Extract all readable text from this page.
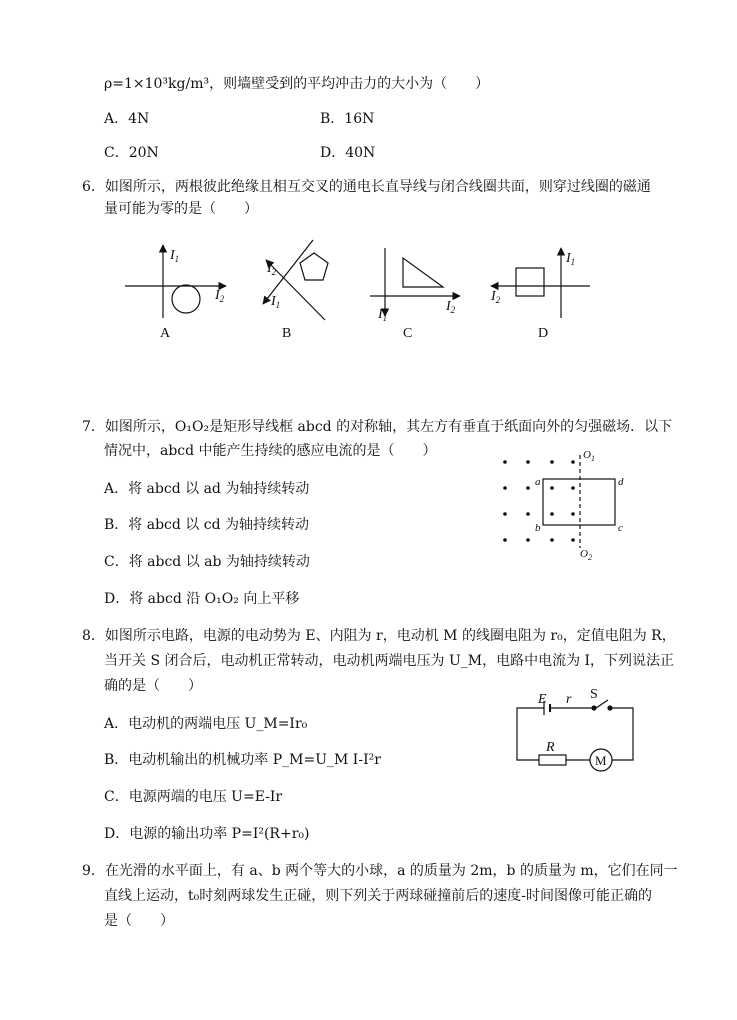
ρ=1×10³kg/m³，则墙壁受到的平均冲击力的大小为（　　）
A．4N	B．16N
C．20N	D．40N
6．如图所示，两根彼此绝缘且相互交叉的通电长直导线与闭合线圈共面，则穿过线圈的磁通
量可能为零的是（　　）
7．如图所示，O₁O₂是矩形导线框 abcd 的对称轴，其左方有垂直于纸面向外的匀强磁场．以下
情况中，abcd 中能产生持续的感应电流的是（　　）
A．将 abcd 以 ad 为轴持续转动
B．将 abcd 以 cd 为轴持续转动
C．将 abcd 以 ab 为轴持续转动
D．将 abcd 沿 O₁O₂ 向上平移
8．如图所示电路，电源的电动势为 E、内阻为 r，电动机 M 的线圈电阻为 r₀，定值电阻为 R，
当开关 S 闭合后，电动机正常转动，电动机两端电压为 U_M，电路中电流为 I，下列说法正
确的是（　　）
A．电动机的两端电压 U_M=Ir₀
B．电动机输出的机械功率 P_M=U_M I-I²r
C．电源两端的电压 U=E-Ir
D．电源的输出功率 P=I²(R+r₀)
9．在光滑的水平面上，有 a、b 两个等大的小球，a 的质量为 2m，b 的质量为 m，它们在同一
直线上运动，t₀时刻两球发生正碰，则下列关于两球碰撞前后的速度-时间图像可能正确的
是（　　）
$I_1$
$I_2$
A
$I_2$
$I_1$
B
$I_1$
$I_2$
C
$I_1$
$I_2$
D
$O_1$
$O_2$
a
b	c
d
E r S
R
M
